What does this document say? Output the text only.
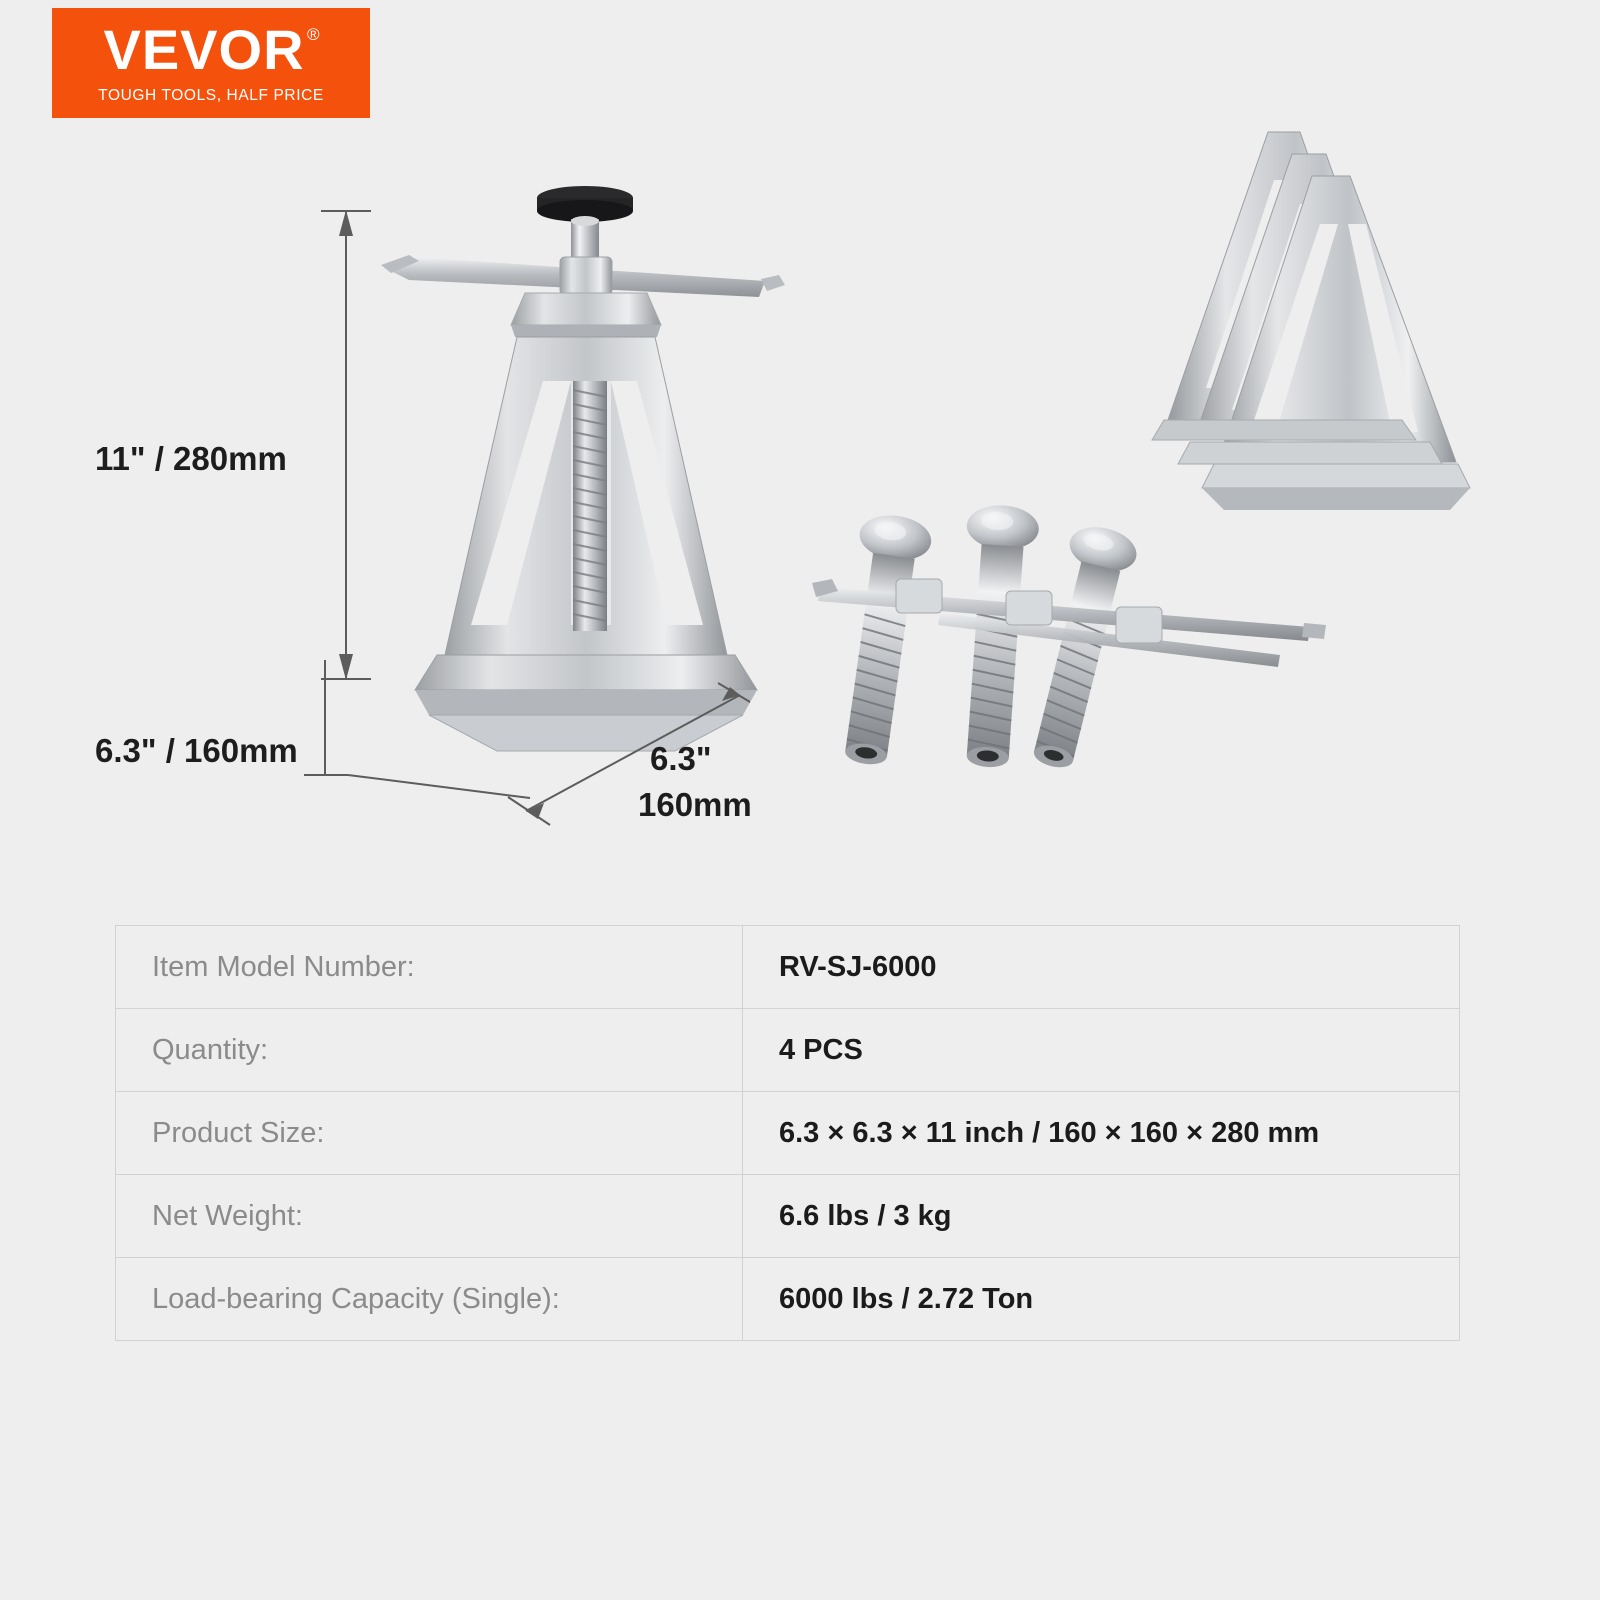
VEVOR ®
TOUGH TOOLS, HALF PRICE
11" / 280mm
6.3" / 160mm	6.3"
160mm
Item Model Number:	RV-SJ-6000
Quantity:	4 PCS
Product Size:	6.3 × 6.3 × 11 inch / 160 × 160 × 280 mm
Net Weight:	6.6 lbs / 3 kg
Load-bearing Capacity (Single):	6000 lbs / 2.72 Ton
